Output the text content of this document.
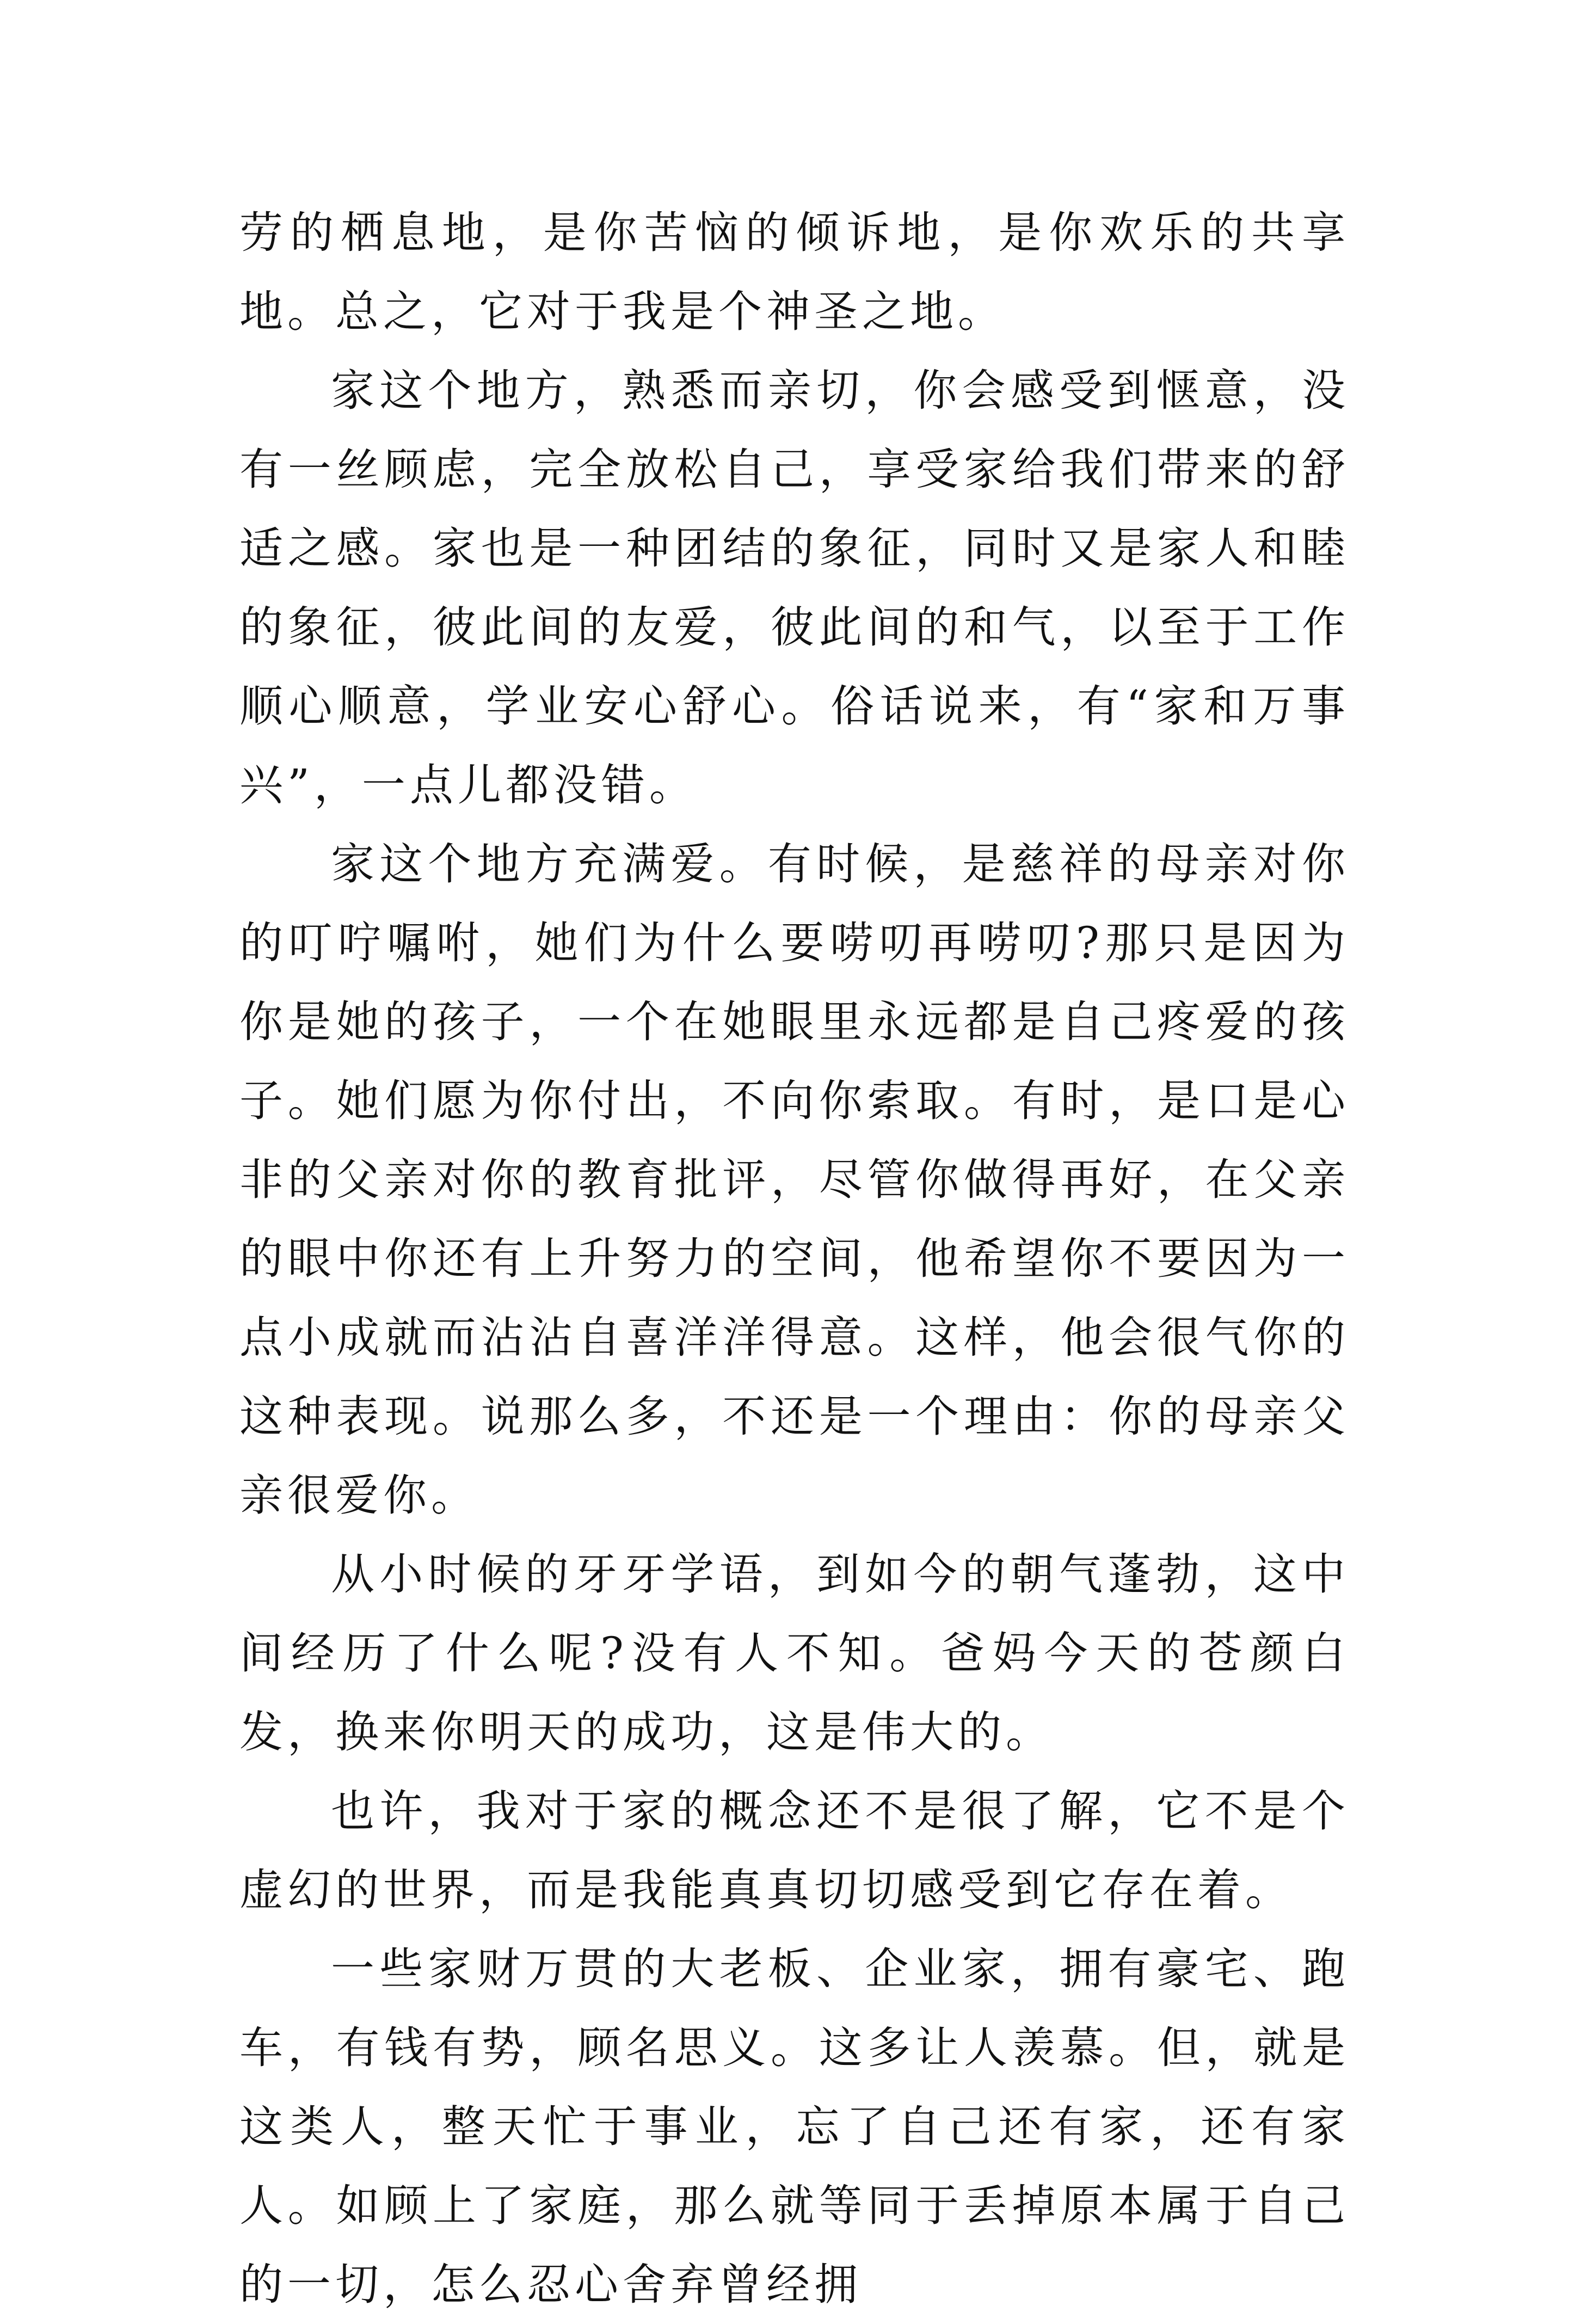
劳的栖息地，是你苦恼的倾诉地，是你欢乐的共享地。总之，它对于我是个神圣之地。

家这个地方，熟悉而亲切，你会感受到惬意，没有一丝顾虑，完全放松自己，享受家给我们带来的舒适之感。家也是一种团结的象征，同时又是家人和睦的象征，彼此间的友爱，彼此间的和气，以至于工作顺心顺意，学业安心舒心。俗话说来，有“家和万事兴”，一点儿都没错。

家这个地方充满爱。有时候，是慈祥的母亲对你的叮咛嘱咐，她们为什么要唠叨再唠叨?那只是因为你是她的孩子，一个在她眼里永远都是自己疼爱的孩子。她们愿为你付出，不向你索取。有时，是口是心非的父亲对你的教育批评，尽管你做得再好，在父亲的眼中你还有上升努力的空间，他希望你不要因为一点小成就而沾沾自喜洋洋得意。这样，他会很气你的这种表现。说那么多，不还是一个理由：你的母亲父亲很爱你。

从小时候的牙牙学语，到如今的朝气蓬勃，这中间经历了什么呢?没有人不知。爸妈今天的苍颜白发，换来你明天的成功，这是伟大的。

也许，我对于家的概念还不是很了解，它不是个虚幻的世界，而是我能真真切切感受到它存在着。

一些家财万贯的大老板、企业家，拥有豪宅、跑车，有钱有势，顾名思义。这多让人羡慕。但，就是这类人，整天忙于事业，忘了自己还有家，还有家人。如顾上了家庭，那么就等同于丢掉原本属于自己的一切，怎么忍心舍弃曾经拥
